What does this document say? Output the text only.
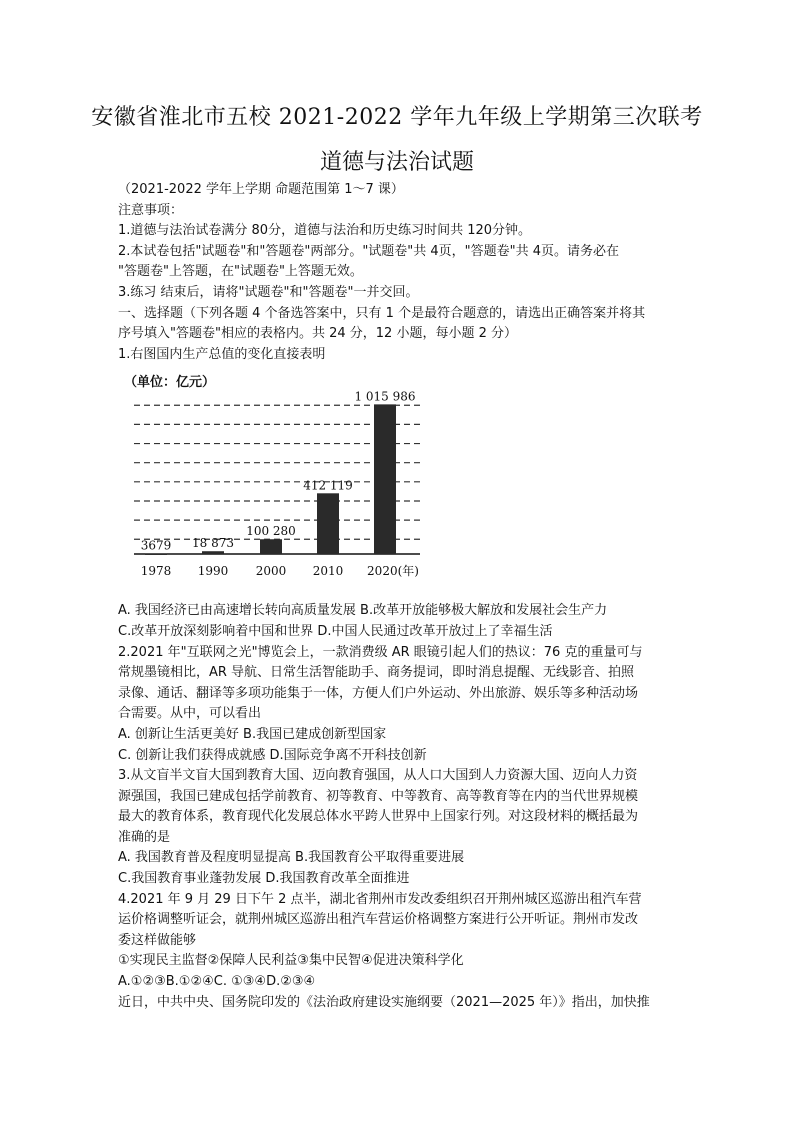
安徽省淮北市五校 2021-2022 学年九年级上学期第三次联考
道德与法治试题

（2021-2022 学年上学期 命题范围第 1～7 课）

注意事项：

1.道德与法治试卷满分 80分，道德与法治和历史练习时间共 120分钟。

2.本试卷包括"试题卷"和"答题卷"两部分。"试题卷"共 4页，"答题卷"共 4页。请务必在

"答题卷"上答题，在"试题卷"上答题无效。

3.练习 结束后，请将"试题卷"和"答题卷"一并交回。

一、选择题（下列各题 4 个备选答案中，只有 1 个是最符合题意的，请选出正确答案并将其

序号填入"答题卷"相应的表格内。共 24 分，12 小题，每小题 2 分）

1.右图国内生产总值的变化直接表明

（单位：亿元）
3679
1978
18 873
1990
100 280
2000
412 119
2010
1 015 986
2020(年)

A. 我国经济已由高速增长转向高质量发展 B.改革开放能够极大解放和发展社会生产力

C.改革开放深刻影响着中国和世界 D.中国人民通过改革开放过上了幸福生活

2.2021 年"互联网之光"博览会上，一款消费级 AR 眼镜引起人们的热议：76 克的重量可与

常规墨镜相比，AR 导航、日常生活智能助手、商务提词，即时消息提醒、无线影音、拍照

录像、通话、翻译等多项功能集于一体，方便人们户外运动、外出旅游、娱乐等多种活动场

合需要。从中，可以看出

A. 创新让生活更美好 B.我国已建成创新型国家

C. 创新让我们获得成就感 D.国际竞争离不开科技创新

3.从文盲半文盲大国到教育大国、迈向教育强国，从人口大国到人力资源大国、迈向人力资

源强国，我国已建成包括学前教育、初等教育、中等教育、高等教育等在内的当代世界规模

最大的教育体系，教育现代化发展总体水平跨人世界中上国家行列。对这段材料的概括最为

准确的是

A. 我国教育普及程度明显提高 B.我国教育公平取得重要进展

C.我国教育事业蓬勃发展 D.我国教育改革全面推进

4.2021 年 9 月 29 日下午 2 点半，湖北省荆州市发改委组织召开荆州城区巡游出租汽车营

运价格调整听证会，就荆州城区巡游出租汽车营运价格调整方案进行公开听证。荆州市发改

委这样做能够

①实现民主监督②保障人民利益③集中民智④促进决策科学化

A.①②③B.①②④C. ①③④D.②③④

近日，中共中央、国务院印发的《法治政府建设实施纲要（2021—2025 年）》指出，加快推
